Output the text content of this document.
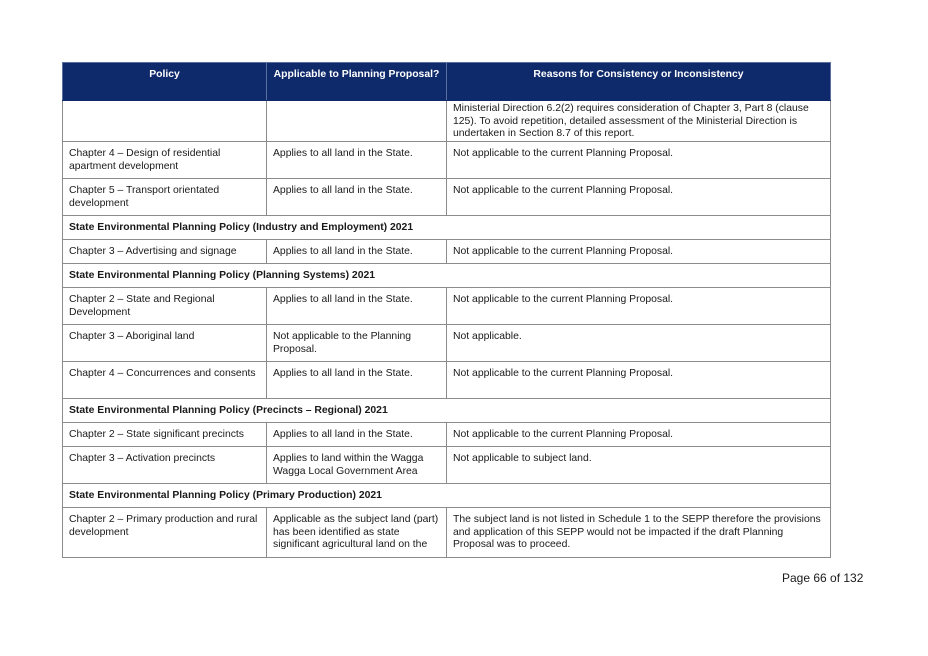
Policy	Applicable to Planning Proposal?	Reasons for Consistency or Inconsistency
		Ministerial Direction 6.2(2) requires consideration of Chapter 3, Part 8 (clause 125). To avoid repetition, detailed assessment of the Ministerial Direction is undertaken in Section 8.7 of this report.
Chapter 4 – Design of residential apartment development	Applies to all land in the State.	Not applicable to the current Planning Proposal.
Chapter 5 – Transport orientated development	Applies to all land in the State.	Not applicable to the current Planning Proposal.
State Environmental Planning Policy (Industry and Employment) 2021		
Chapter 3 – Advertising and signage	Applies to all land in the State.	Not applicable to the current Planning Proposal.
State Environmental Planning Policy (Planning Systems) 2021		
Chapter 2 – State and Regional Development	Applies to all land in the State.	Not applicable to the current Planning Proposal.
Chapter 3 – Aboriginal land	Not applicable to the Planning Proposal.	Not applicable.
Chapter 4 – Concurrences and consents	Applies to all land in the State.	Not applicable to the current Planning Proposal.
State Environmental Planning Policy (Precincts – Regional) 2021		
Chapter 2 – State significant precincts	Applies to all land in the State.	Not applicable to the current Planning Proposal.
Chapter 3 – Activation precincts	Applies to land within the Wagga Wagga Local Government Area	Not applicable to subject land.
State Environmental Planning Policy (Primary Production) 2021		
Chapter 2 – Primary production and rural development	Applicable as the subject land (part) has been identified as state significant agricultural land on the	The subject land is not listed in Schedule 1 to the SEPP therefore the provisions and application of this SEPP would not be impacted if the draft Planning Proposal was to proceed.
Page 66 of 132
